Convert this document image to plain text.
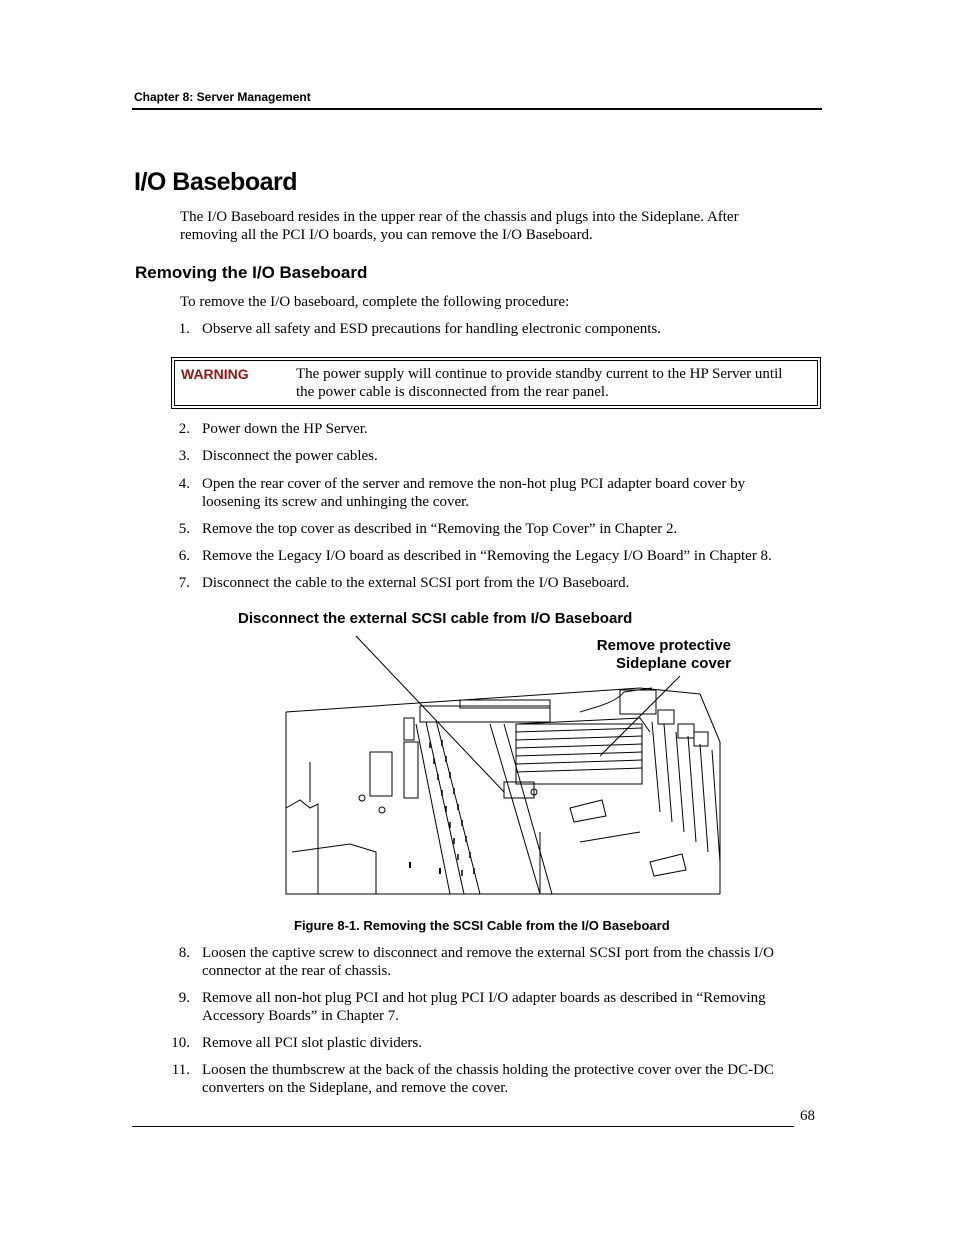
Chapter 8: Server Management
I/O Baseboard
The I/O Baseboard resides in the upper rear of the chassis and plugs into the Sideplane. After
removing all the PCI I/O boards, you can remove the I/O Baseboard.
Removing the I/O Baseboard
To remove the I/O baseboard, complete the following procedure:
1. Observe all safety and ESD precautions for handling electronic components.
WARNING	The power supply will continue to provide standby current to the HP Server until
the power cable is disconnected from the rear panel.
2. Power down the HP Server.
3. Disconnect the power cables.
4. Open the rear cover of the server and remove the non-hot plug PCI adapter board cover by
loosening its screw and unhinging the cover.
5. Remove the top cover as described in “Removing the Top Cover” in Chapter 2.
6. Remove the Legacy I/O board as described in “Removing the Legacy I/O Board” in Chapter 8.
7. Disconnect the cable to the external SCSI port from the I/O Baseboard.
Disconnect the external SCSI cable from I/O Baseboard
Remove protective
Sideplane cover
Figure 8-1. Removing the SCSI Cable from the I/O Baseboard
8. Loosen the captive screw to disconnect and remove the external SCSI port from the chassis I/O
connector at the rear of chassis.
9. Remove all non-hot plug PCI and hot plug PCI I/O adapter boards as described in “Removing
Accessory Boards” in Chapter 7.
10. Remove all PCI slot plastic dividers.
11. Loosen the thumbscrew at the back of the chassis holding the protective cover over the DC-DC
converters on the Sideplane, and remove the cover.
68
